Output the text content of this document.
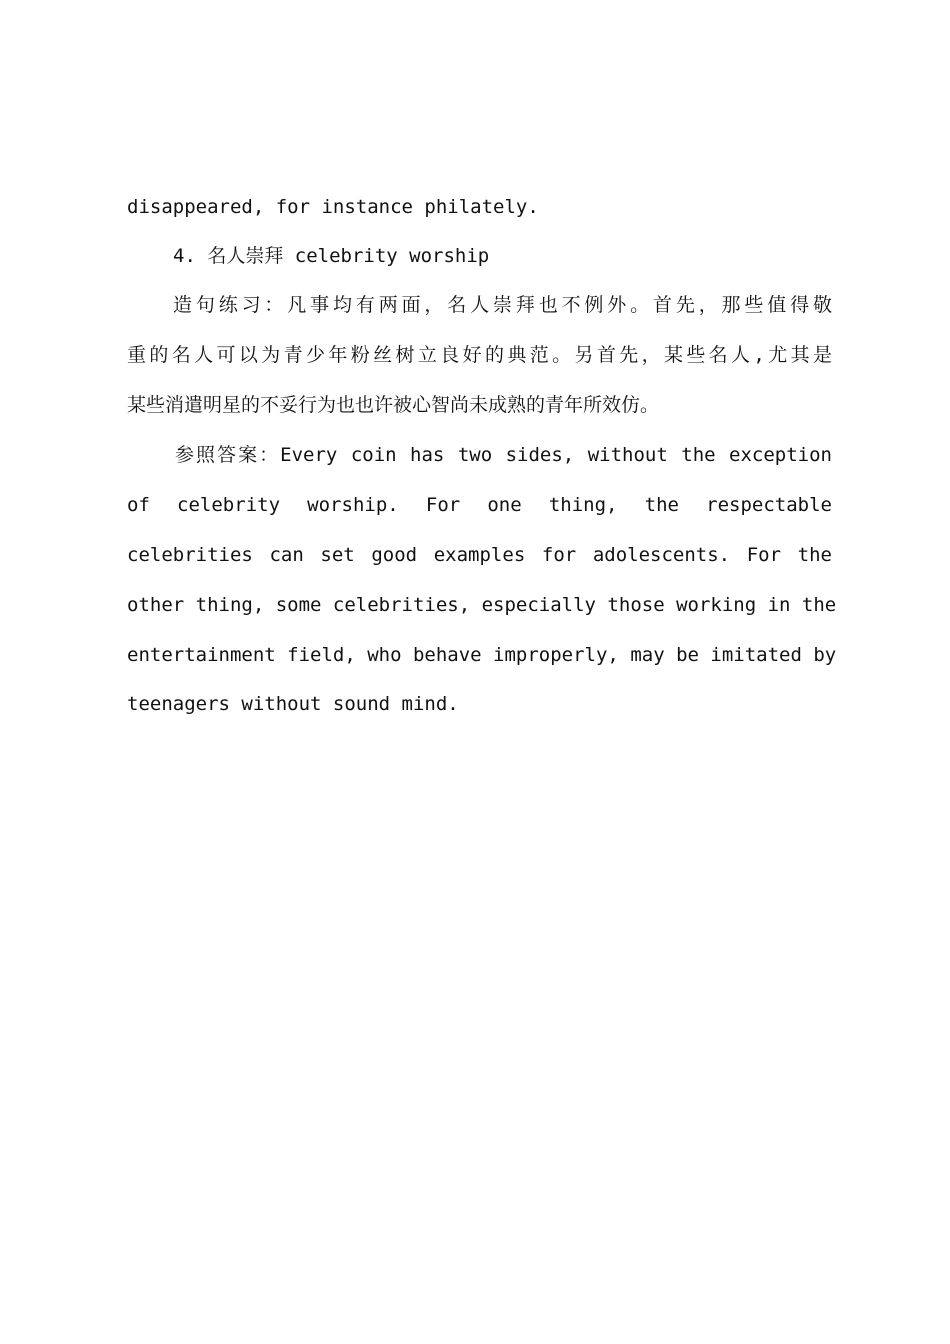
disappeared, for instance philately.
4. 名人崇拜 celebrity worship
造句练习：凡事均有两面，名人崇拜也不例外。首先，那些值得敬
重的名人可以为青少年粉丝树立良好的典范。另首先，某些名人,尤其是
某些消遣明星的不妥行为也也许被心智尚未成熟的青年所效仿。
参照答案：Every coin has two sides, without the exception
of celebrity worship. For one thing, the respectable
celebrities can set good examples for adolescents. For the
other thing, some celebrities, especially those working in the
entertainment field, who behave improperly, may be imitated by
teenagers without sound mind.
